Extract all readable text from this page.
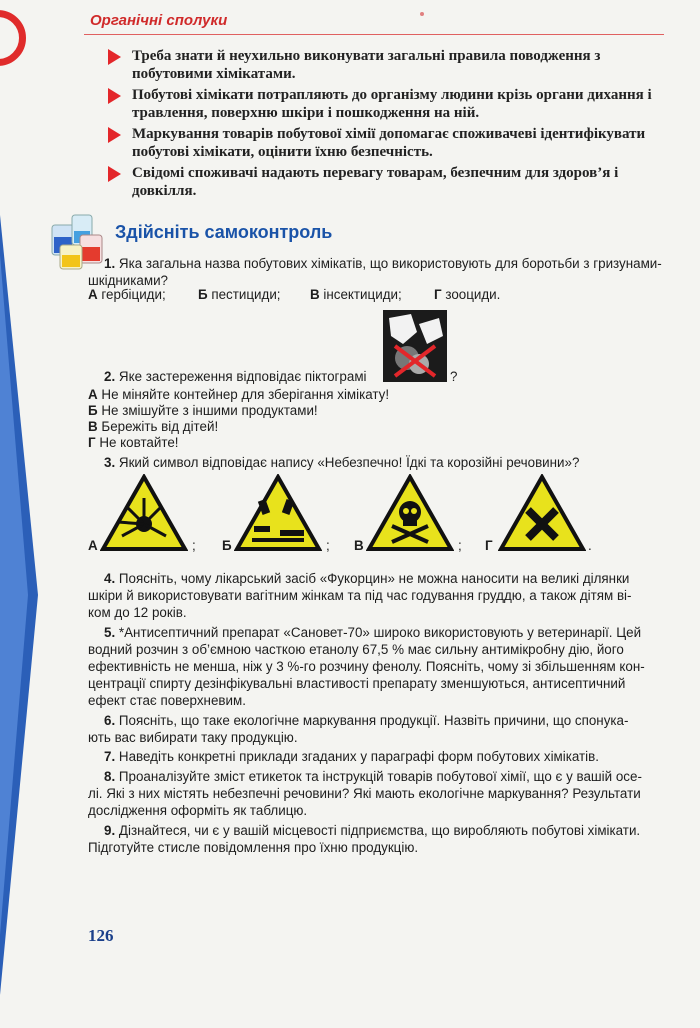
Органічні сполуки
Треба знати й неухильно виконувати загальні правила поводження з побутовими хімікатами.
Побутові хімікати потрапляють до організму людини крізь органи дихання і травлення, поверхню шкіри і пошкодження на ній.
Маркування товарів побутової хімії допомагає споживачеві ідентифікувати побутові хімікати, оцінити їхню безпечність.
Свідомі споживачі надають перевагу товарам, безпечним для здоров’я і довкілля.
Здійсніть самоконтроль
1. Яка загальна назва побутових хімікатів, що використовують для боротьби з гризунами-шкідниками?
А гербіциди; Б пестициди; В інсектициди; Г зооциди.
2. Яке застереження відповідає піктограмі	?
А Не міняйте контейнер для зберігання хімікату!
Б Не змішуйте з іншими продуктами!
В Бережіть від дітей!
Г Не ковтайте!
3. Який символ відповідає напису «Небезпечно! Їдкі та корозійні речовини»?
А	; Б	; В	; Г	.
4. Поясніть, чому лікарський засіб «Фукорцин» не можна наносити на великі ділянки
шкіри й використовувати вагітним жінкам та під час годування груддю, а також дітям ві-
ком до 12 років.
5. *Антисептичний препарат «Сановет-70» широко використовують у ветеринарії. Цей
водний розчин з об’ємною часткою етанолу 67,5 % має сильну антимікробну дію, його
ефективність не менша, ніж у 3 %-го розчину фенолу. Поясніть, чому зі збільшенням кон-
центрації спирту дезінфікувальні властивості препарату зменшуються, антисептичний
ефект стає поверхневим.
6. Поясніть, що таке екологічне маркування продукції. Назвіть причини, що спонука-
ють вас вибирати таку продукцію.
7. Наведіть конкретні приклади згаданих у параграфі форм побутових хімікатів.
8. Проаналізуйте зміст етикеток та інструкцій товарів побутової хімії, що є у вашій осе-
лі. Які з них містять небезпечні речовини? Які мають екологічне маркування? Результати
дослідження оформіть як таблицю.
9. Дізнайтеся, чи є у вашій місцевості підприємства, що виробляють побутові хімікати.
Підготуйте стисле повідомлення про їхню продукцію.
126
